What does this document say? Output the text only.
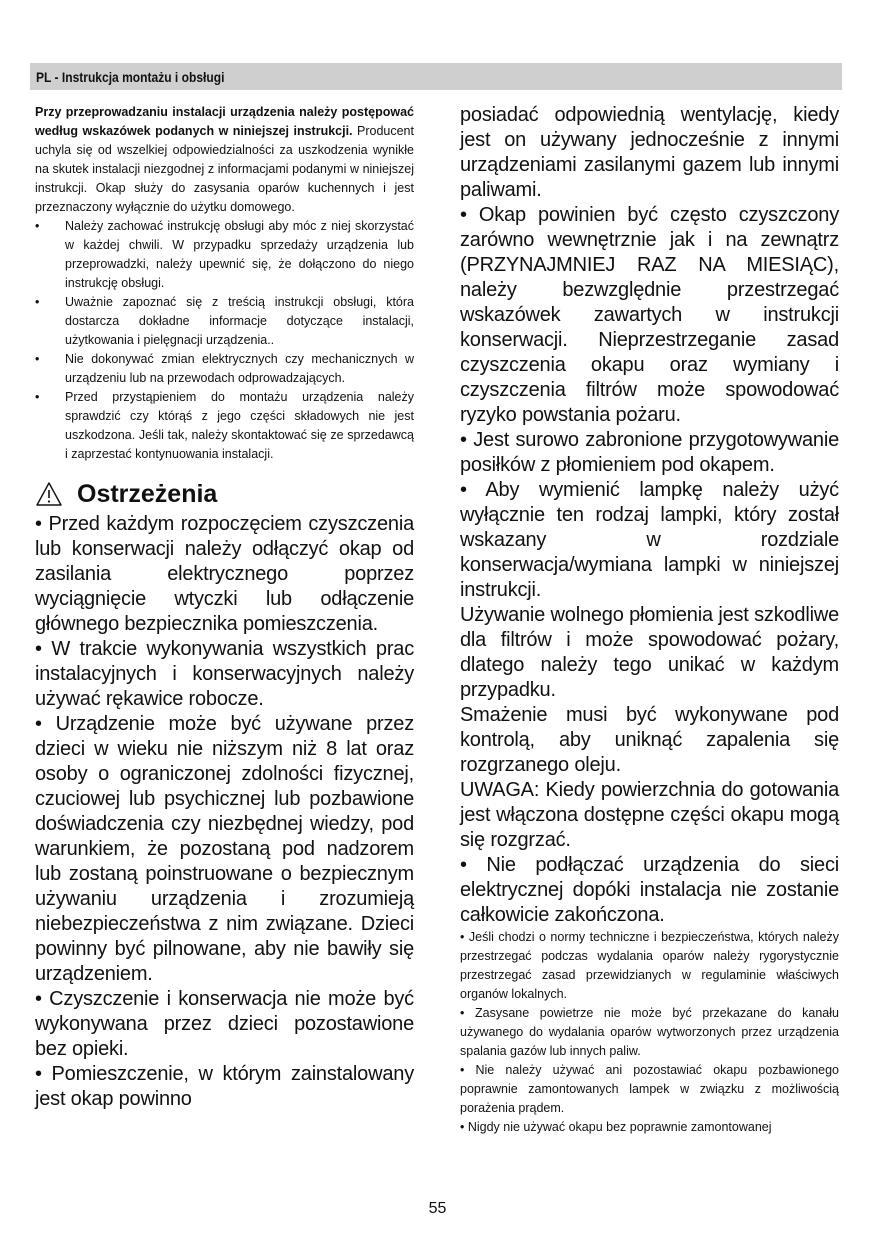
PL - Instrukcja montażu i obsługi

Przy przeprowadzaniu instalacji urządzenia należy postępować według wskazówek podanych w niniejszej instrukcji. Producent uchyla się od wszelkiej odpowiedzialności za uszkodzenia wynikłe na skutek instalacji niezgodnej z informacjami podanymi w niniejszej instrukcji. Okap służy do zasysania oparów kuchennych i jest przeznaczony wyłącznie do użytku domowego.

• Należy zachować instrukcję obsługi aby móc z niej skorzystać w każdej chwili. W przypadku sprzedaży urządzenia lub przeprowadzki, należy upewnić się, że dołączono do niego instrukcję obsługi.
• Uważnie zapoznać się z treścią instrukcji obsługi, która dostarcza dokładne informacje dotyczące instalacji, użytkowania i pielęgnacji urządzenia..
• Nie dokonywać zmian elektrycznych czy mechanicznych w urządzeniu lub na przewodach odprowadzających.
• Przed przystąpieniem do montażu urządzenia należy sprawdzić czy którąś z jego części składowych nie jest uszkodzona. Jeśli tak, należy skontaktować się ze sprzedawcą i zaprzestać kontynuowania instalacji.
Ostrzeżenia

• Przed każdym rozpoczęciem czyszczenia lub konserwacji należy odłączyć okap od zasilania elektrycznego poprzez wyciągnięcie wtyczki lub odłączenie głównego bezpiecznika pomieszczenia.

• W trakcie wykonywania wszystkich prac instalacyjnych i konserwacyjnych należy używać rękawice robocze.

• Urządzenie może być używane przez dzieci w wieku nie niższym niż 8 lat oraz osoby o ograniczonej zdolności fizycznej, czuciowej lub psychicznej lub pozbawione doświadczenia czy niezbędnej wiedzy, pod warunkiem, że pozostaną pod nadzorem lub zostaną poinstruowane o bezpiecznym używaniu urządzenia i zrozumieją niebezpieczeństwa z nim związane. Dzieci powinny być pilnowane, aby nie bawiły się urządzeniem.

• Czyszczenie i konserwacja nie może być wykonywana przez dzieci pozostawione bez opieki.

• Pomieszczenie, w którym zainstalowany jest okap powinno

posiadać odpowiednią wentylację, kiedy jest on używany jednocześnie z innymi urządzeniami zasilanymi gazem lub innymi paliwami.

• Okap powinien być często czyszczony zarówno wewnętrznie jak i na zewnątrz (PRZYNAJMNIEJ RAZ NA MIESIĄC), należy bezwzględnie przestrzegać wskazówek zawartych w instrukcji konserwacji. Nieprzestrzeganie zasad czyszczenia okapu oraz wymiany i czyszczenia filtrów może spowodować ryzyko powstania pożaru.

• Jest surowo zabronione przygotowywanie posiłków z płomieniem pod okapem.

• Aby wymienić lampkę należy użyć wyłącznie ten rodzaj lampki, który został wskazany w rozdziale konserwacja/wymiana lampki w niniejszej instrukcji.

Używanie wolnego płomienia jest szkodliwe dla filtrów i może spowodować pożary, dlatego należy tego unikać w każdym przypadku.

Smażenie musi być wykonywane pod kontrolą, aby uniknąć zapalenia się rozgrzanego oleju.

UWAGA: Kiedy powierzchnia do gotowania jest włączona dostępne części okapu mogą się rozgrzać.

• Nie podłączać urządzenia do sieci elektrycznej dopóki instalacja nie zostanie całkowicie zakończona.

• Jeśli chodzi o normy techniczne i bezpieczeństwa, których należy przestrzegać podczas wydalania oparów należy rygorystycznie przestrzegać zasad przewidzianych w regulaminie właściwych organów lokalnych.

• Zasysane powietrze nie może być przekazane do kanału używanego do wydalania oparów wytworzonych przez urządzenia spalania gazów lub innych paliw.

• Nie należy używać ani pozostawiać okapu pozbawionego poprawnie zamontowanych lampek w związku z możliwością porażenia prądem.

• Nigdy nie używać okapu bez poprawnie zamontowanej

55
